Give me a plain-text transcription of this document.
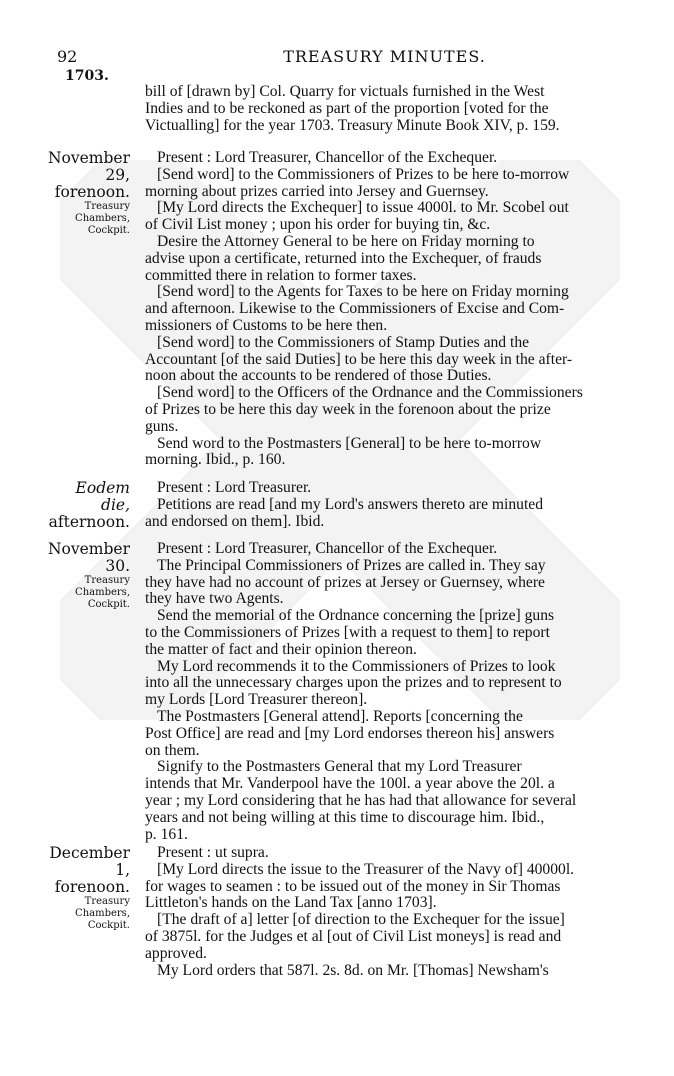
92	TREASURY MINUTES.
1703.

bill of [drawn by] Col. Quarry for victuals furnished in the West
Indies and to be reckoned as part of the proportion [voted for the
Victualling] for the year 1703. Treasury Minute Book XIV, p. 159.

November
29,
forenoon.
Treasury
Chambers,
Cockpit.

Present : Lord Treasurer, Chancellor of the Exchequer.

[Send word] to the Commissioners of Prizes to be here to-morrow
morning about prizes carried into Jersey and Guernsey.

[My Lord directs the Exchequer] to issue 4000l. to Mr. Scobel out
of Civil List money ; upon his order for buying tin, &c.

Desire the Attorney General to be here on Friday morning to
advise upon a certificate, returned into the Exchequer, of frauds
committed there in relation to former taxes.

[Send word] to the Agents for Taxes to be here on Friday morning
and afternoon. Likewise to the Commissioners of Excise and Com-
missioners of Customs to be here then.

[Send word] to the Commissioners of Stamp Duties and the
Accountant [of the said Duties] to be here this day week in the after-
noon about the accounts to be rendered of those Duties.

[Send word] to the Officers of the Ordnance and the Commissioners
of Prizes to be here this day week in the forenoon about the prize
guns.

Send word to the Postmasters [General] to be here to-morrow
morning. Ibid., p. 160.

Eodem die,
afternoon.

Present : Lord Treasurer.

Petitions are read [and my Lord's answers thereto are minuted
and endorsed on them]. Ibid.

November
30.
Treasury
Chambers,
Cockpit.

Present : Lord Treasurer, Chancellor of the Exchequer.

The Principal Commissioners of Prizes are called in. They say
they have had no account of prizes at Jersey or Guernsey, where
they have two Agents.

Send the memorial of the Ordnance concerning the [prize] guns
to the Commissioners of Prizes [with a request to them] to report
the matter of fact and their opinion thereon.

My Lord recommends it to the Commissioners of Prizes to look
into all the unnecessary charges upon the prizes and to represent to
my Lords [Lord Treasurer thereon].

The Postmasters [General attend]. Reports [concerning the
Post Office] are read and [my Lord endorses thereon his] answers
on them.

Signify to the Postmasters General that my Lord Treasurer
intends that Mr. Vanderpool have the 100l. a year above the 20l. a
year ; my Lord considering that he has had that allowance for several
years and not being willing at this time to discourage him. Ibid.,
p. 161.

December
1,
forenoon.
Treasury
Chambers,
Cockpit.

Present : ut supra.

[My Lord directs the issue to the Treasurer of the Navy of] 40000l.
for wages to seamen : to be issued out of the money in Sir Thomas
Littleton's hands on the Land Tax [anno 1703].

[The draft of a] letter [of direction to the Exchequer for the issue]
of 3875l. for the Judges et al [out of Civil List moneys] is read and
approved.

My Lord orders that 587l. 2s. 8d. on Mr. [Thomas] Newsham's
